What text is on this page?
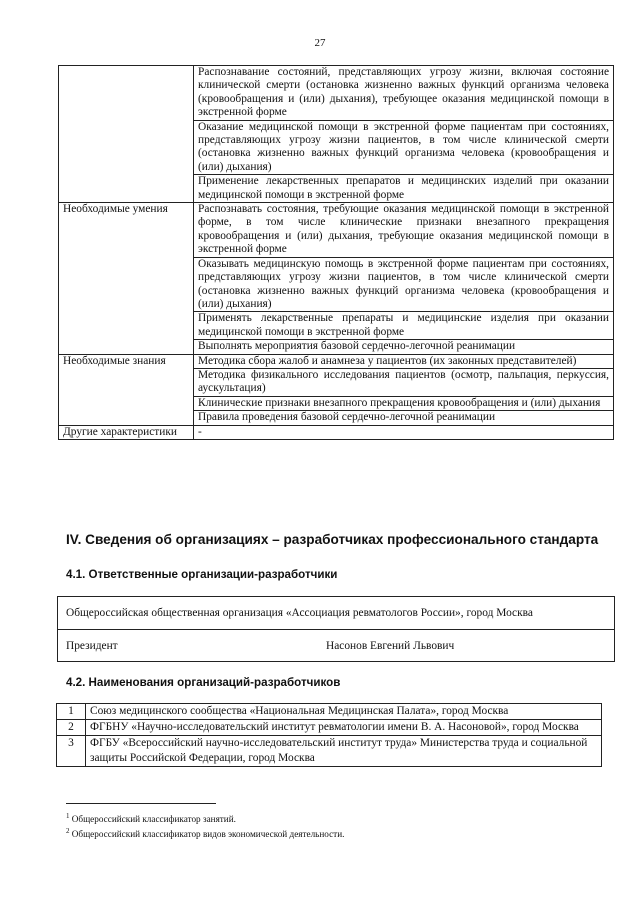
27
	Распознавание состояний, представляющих угрозу жизни, включая состояние клинической смерти (остановка жизненно важных функций организма человека (кровообращения и (или) дыхания), требующее оказания медицинской помощи в экстренной форме
	Оказание медицинской помощи в экстренной форме пациентам при состояниях, представляющих угрозу жизни пациентов, в том числе клинической смерти (остановка жизненно важных функций организма человека (кровообращения и (или) дыхания)
	Применение лекарственных препаратов и медицинских изделий при оказании медицинской помощи в экстренной форме
Необходимые умения	Распознавать состояния, требующие оказания медицинской помощи в экстренной форме, в том числе клинические признаки внезапного прекращения кровообращения и (или) дыхания, требующие оказания медицинской помощи в экстренной форме
	Оказывать медицинскую помощь в экстренной форме пациентам при состояниях, представляющих угрозу жизни пациентов, в том числе клинической смерти (остановка жизненно важных функций организма человека (кровообращения и (или) дыхания)
	Применять лекарственные препараты и медицинские изделия при оказании медицинской помощи в экстренной форме
	Выполнять мероприятия базовой сердечно-легочной реанимации
Необходимые знания	Методика сбора жалоб и анамнеза у пациентов (их законных представителей)
	Методика физикального исследования пациентов (осмотр, пальпация, перкуссия, аускультация)
	Клинические признаки внезапного прекращения кровообращения и (или) дыхания
	Правила проведения базовой сердечно-легочной реанимации
Другие характеристики	-
IV. Сведения об организациях – разработчиках профессионального стандарта
4.1. Ответственные организации-разработчики
Общероссийская общественная организация «Ассоциация ревматологов России», город Москва
Президент	Насонов Евгений Львович
4.2. Наименования организаций-разработчиков
1	Союз медицинского сообщества «Национальная Медицинская Палата», город Москва
2	ФГБНУ «Научно-исследовательский институт ревматологии имени В. А. Насоновой», город Москва
3	ФГБУ «Всероссийский научно-исследовательский институт труда» Министерства труда и социальной защиты Российской Федерации, город Москва
$^1$ Общероссийский классификатор занятий.
$^2$ Общероссийский классификатор видов экономической деятельности.
